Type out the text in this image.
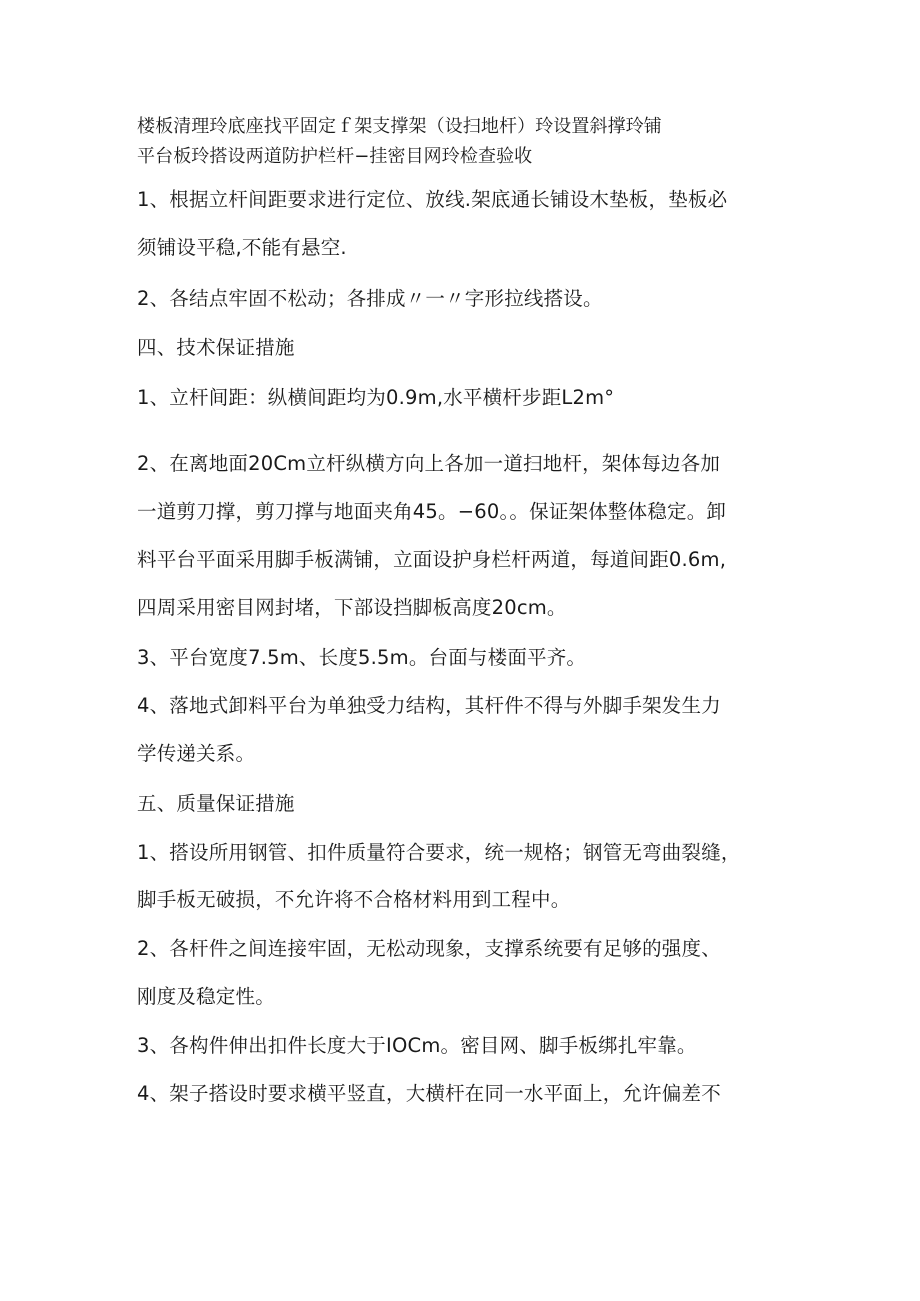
楼板清理玲底座找平固定ｆ架支撑架（设扫地杆）玲设置斜撑玲铺
平台板玲搭设两道防护栏杆−挂密目网玲检查验收
1、根据立杆间距要求进行定位、放线.架底通长铺设木垫板，垫板必
须铺设平稳,不能有悬空.
2、各结点牢固不松动；各排成〃一〃字形拉线搭设。
四、技术保证措施
1、立杆间距：纵横间距均为0.9m,水平横杆步距L2m°
2、在离地面20Cm立杆纵横方向上各加一道扫地杆，架体每边各加
一道剪刀撑，剪刀撑与地面夹角45。−60。。保证架体整体稳定。卸
料平台平面采用脚手板满铺，立面设护身栏杆两道，每道间距0.6m,
四周采用密目网封堵，下部设挡脚板高度20cm。
3、平台宽度7.5m、长度5.5m。台面与楼面平齐。
4、落地式卸料平台为单独受力结构，其杆件不得与外脚手架发生力
学传递关系。
五、质量保证措施
1、搭设所用钢管、扣件质量符合要求，统一规格；钢管无弯曲裂缝，
脚手板无破损，不允许将不合格材料用到工程中。
2、各杆件之间连接牢固，无松动现象，支撑系统要有足够的强度、
刚度及稳定性。
3、各构件伸出扣件长度大于IOCm。密目网、脚手板绑扎牢靠。
4、架子搭设时要求横平竖直，大横杆在同一水平面上，允许偏差不
